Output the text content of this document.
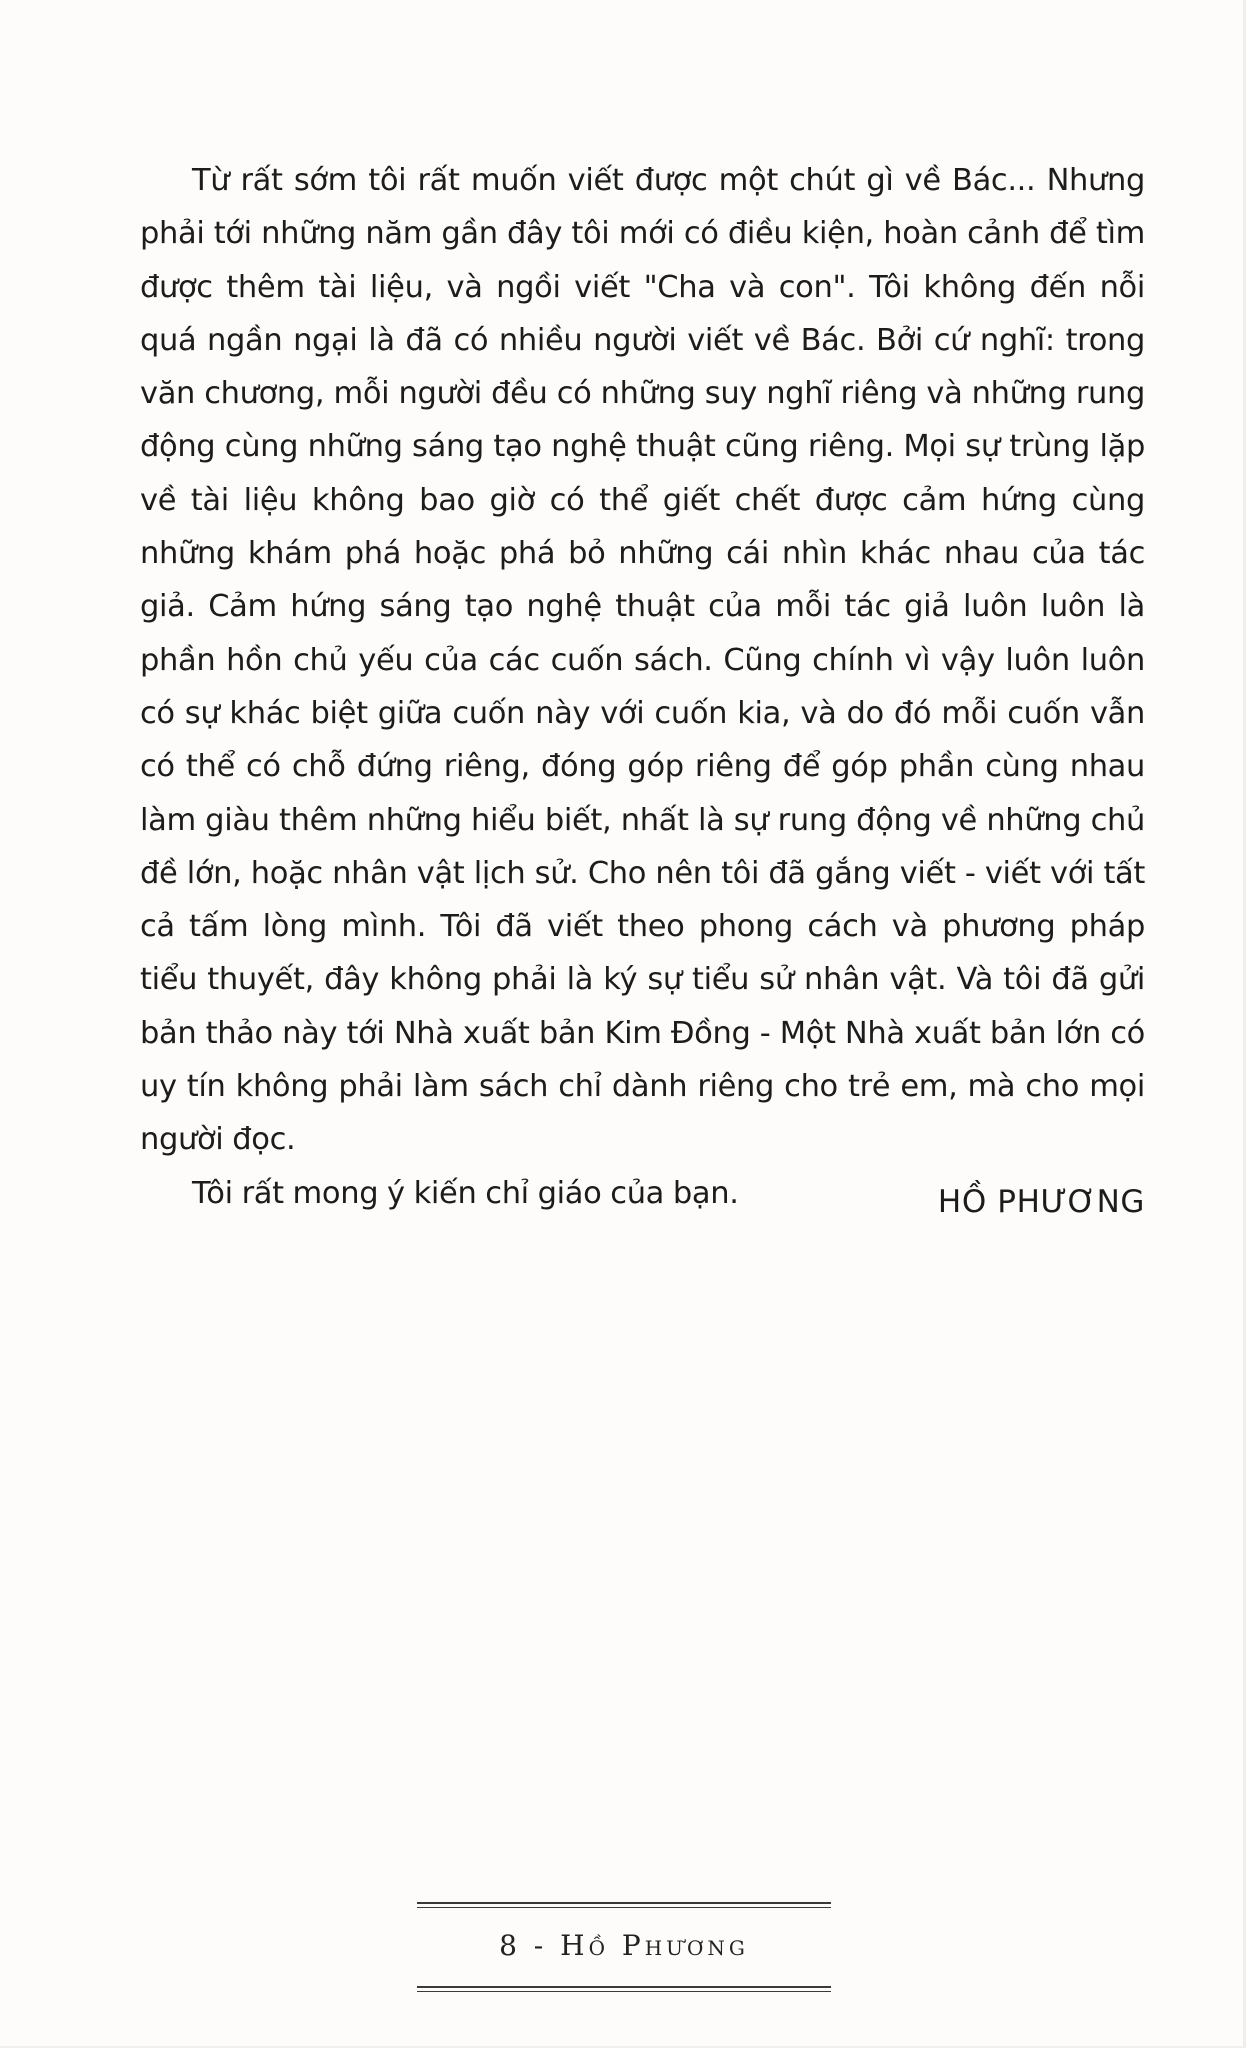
Từ rất sớm tôi rất muốn viết được một chút gì về Bác... Nhưng phải tới những năm gần đây tôi mới có điều kiện, hoàn cảnh để tìm được thêm tài liệu, và ngồi viết "Cha và con". Tôi không đến nỗi quá ngần ngại là đã có nhiều người viết về Bác. Bởi cứ nghĩ: trong văn chương, mỗi người đều có những suy nghĩ riêng và những rung động cùng những sáng tạo nghệ thuật cũng riêng. Mọi sự trùng lặp về tài liệu không bao giờ có thể giết chết được cảm hứng cùng những khám phá hoặc phá bỏ những cái nhìn khác nhau của tác giả. Cảm hứng sáng tạo nghệ thuật của mỗi tác giả luôn luôn là phần hồn chủ yếu của các cuốn sách. Cũng chính vì vậy luôn luôn có sự khác biệt giữa cuốn này với cuốn kia, và do đó mỗi cuốn vẫn có thể có chỗ đứng riêng, đóng góp riêng để góp phần cùng nhau làm giàu thêm những hiểu biết, nhất là sự rung động về những chủ đề lớn, hoặc nhân vật lịch sử. Cho nên tôi đã gắng viết - viết với tất cả tấm lòng mình. Tôi đã viết theo phong cách và phương pháp tiểu thuyết, đây không phải là ký sự tiểu sử nhân vật. Và tôi đã gửi bản thảo này tới Nhà xuất bản Kim Đồng - Một Nhà xuất bản lớn có uy tín không phải làm sách chỉ dành riêng cho trẻ em, mà cho mọi người đọc.

Tôi rất mong ý kiến chỉ giáo của bạn.	HỒ PHƯƠNG

8 - Hồ Phương
